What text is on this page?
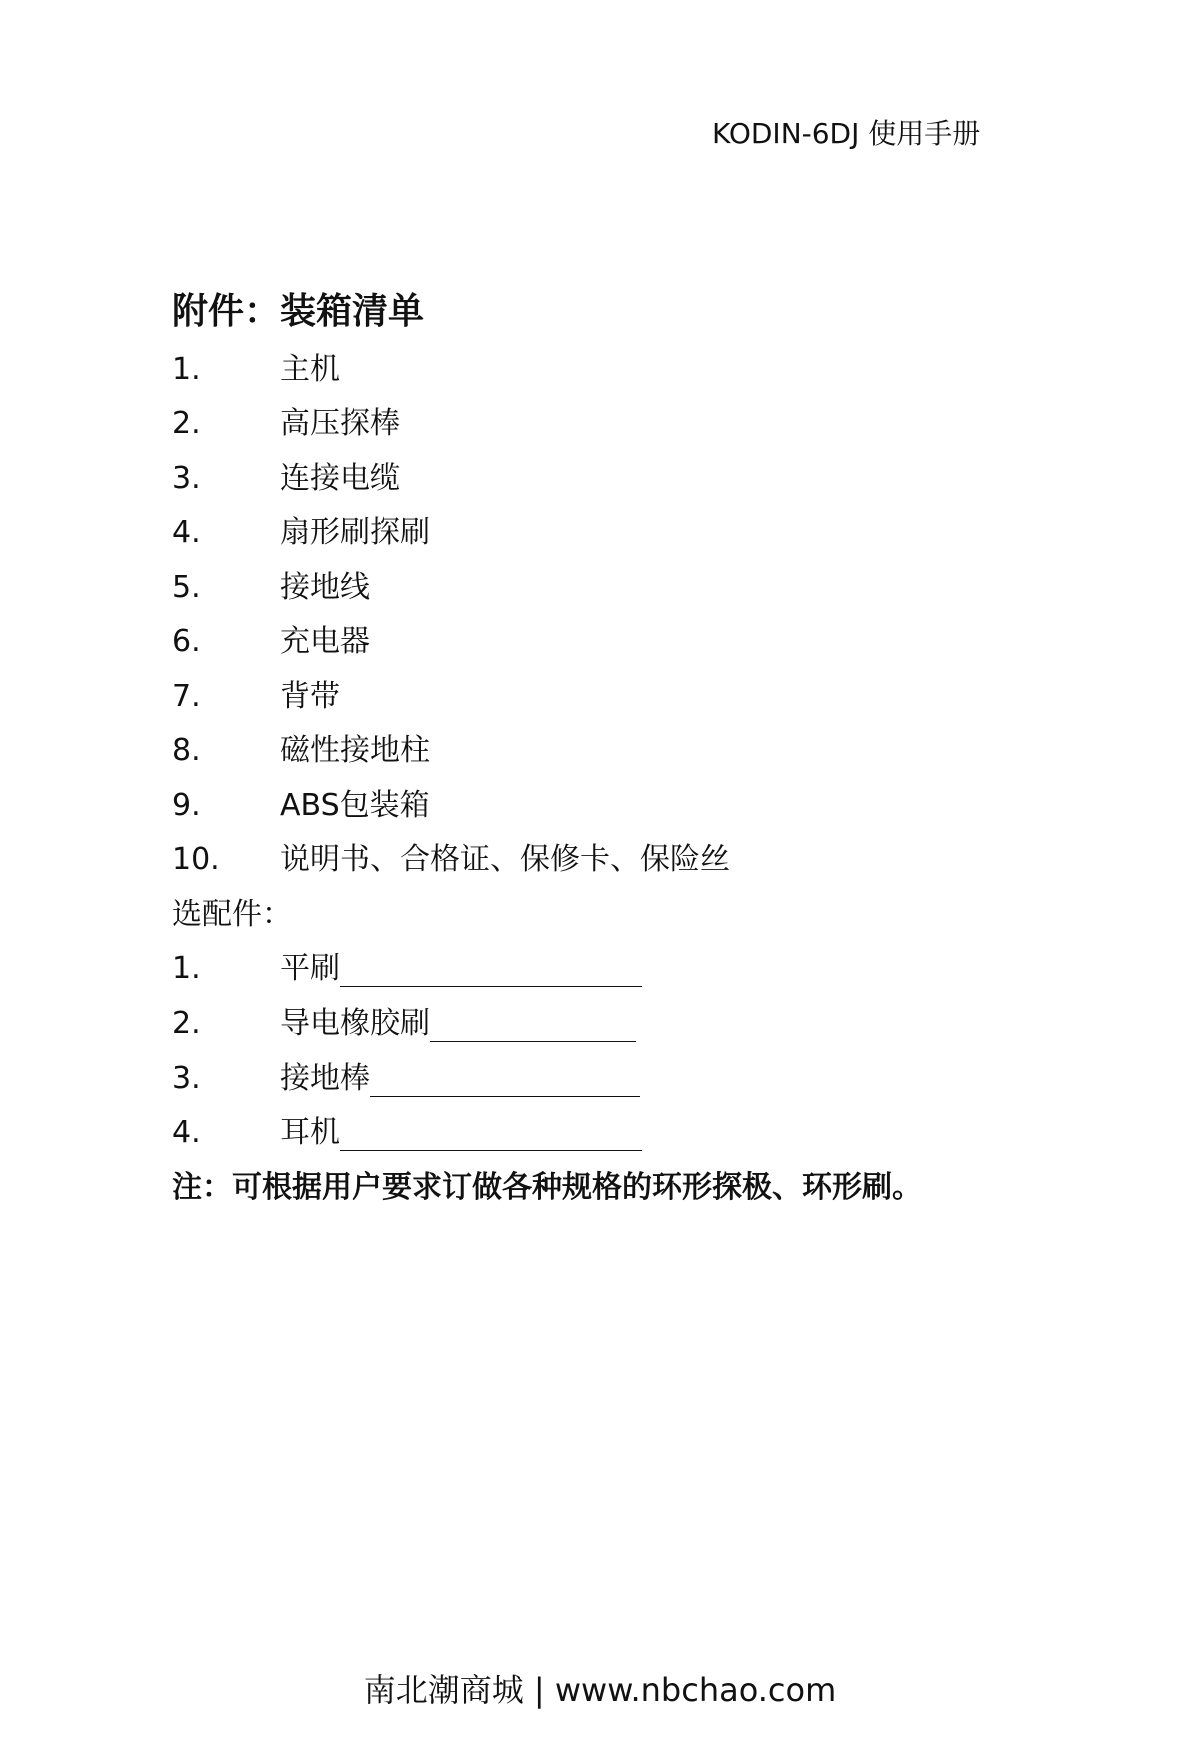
KODIN-6DJ 使用手册
附件：装箱清单
1.	主机
2.	高压探棒
3.	连接电缆
4.	扇形刷探刷
5.	接地线
6.	充电器
7.	背带
8.	磁性接地柱
9.	ABS包装箱
10. 说明书、合格证、保修卡、保险丝
选配件：
1.	平刷
2.	导电橡胶刷
3.	接地棒
4.	耳机
注：可根据用户要求订做各种规格的环形探极、环形刷。
南北潮商城 | www.nbchao.com
